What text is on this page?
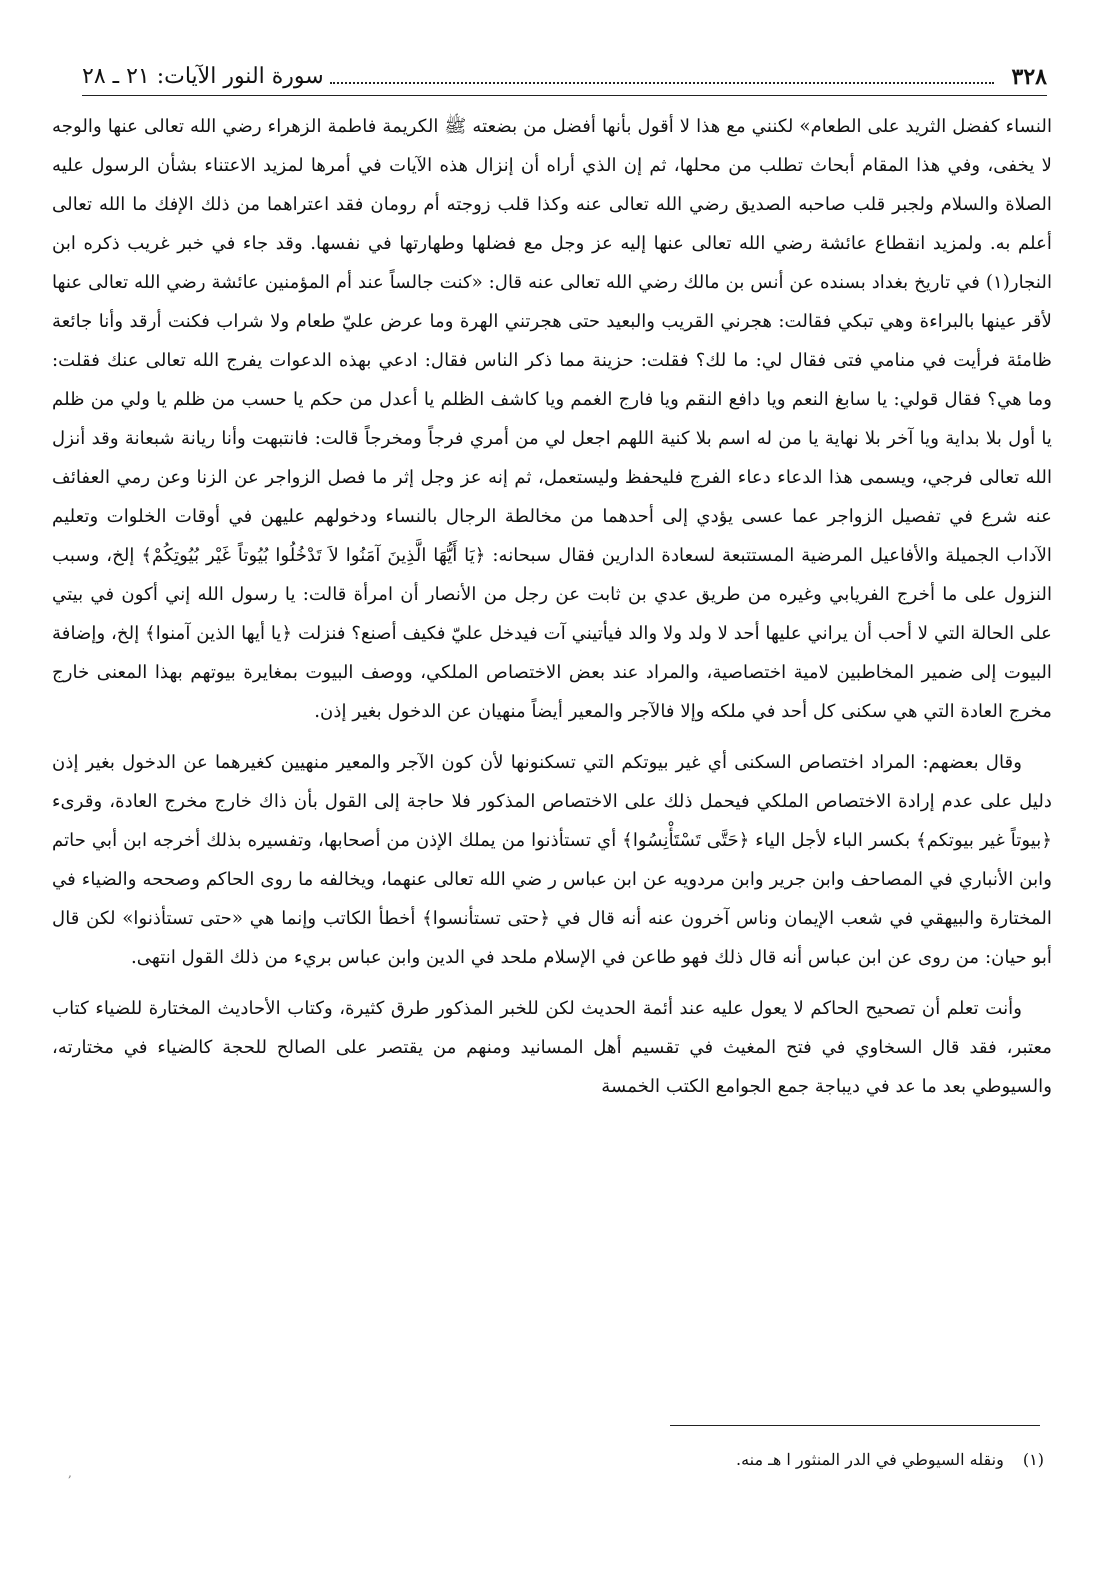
٣٢٨
سورة النور الآيات: ٢١ ـ ٢٨

النساء كفضل الثريد على الطعام» لكنني مع هذا لا أقول بأنها أفضل من بضعته ﷺ الكريمة فاطمة الزهراء رضي الله تعالى عنها والوجه لا يخفى، وفي هذا المقام أبحاث تطلب من محلها، ثم إن الذي أراه أن إنزال هذه الآيات في أمرها لمزيد الاعتناء بشأن الرسول عليه الصلاة والسلام ولجبر قلب صاحبه الصديق رضي الله تعالى عنه وكذا قلب زوجته أم رومان فقد اعتراهما من ذلك الإفك ما الله تعالى أعلم به. ولمزيد انقطاع عائشة رضي الله تعالى عنها إليه عز وجل مع فضلها وطهارتها في نفسها. وقد جاء في خبر غريب ذكره ابن النجار(١) في تاريخ بغداد بسنده عن أنس بن مالك رضي الله تعالى عنه قال: «كنت جالساً عند أم المؤمنين عائشة رضي الله تعالى عنها لأقر عينها بالبراءة وهي تبكي فقالت: هجرني القريب والبعيد حتى هجرتني الهرة وما عرض عليّ طعام ولا شراب فكنت أرقد وأنا جائعة ظامئة فرأيت في منامي فتى فقال لي: ما لك؟ فقلت: حزينة مما ذكر الناس فقال: ادعي بهذه الدعوات يفرج الله تعالى عنك فقلت: وما هي؟ فقال قولي: يا سابغ النعم ويا دافع النقم ويا فارج الغمم ويا كاشف الظلم يا أعدل من حكم يا حسب من ظلم يا ولي من ظلم يا أول بلا بداية ويا آخر بلا نهاية يا من له اسم بلا كنية اللهم اجعل لي من أمري فرجاً ومخرجاً قالت: فانتبهت وأنا ريانة شبعانة وقد أنزل الله تعالى فرجي، ويسمى هذا الدعاء دعاء الفرج فليحفظ وليستعمل، ثم إنه عز وجل إثر ما فصل الزواجر عن الزنا وعن رمي العفائف عنه شرع في تفصيل الزواجر عما عسى يؤدي إلى أحدهما من مخالطة الرجال بالنساء ودخولهم عليهن في أوقات الخلوات وتعليم الآداب الجميلة والأفاعيل المرضية المستتبعة لسعادة الدارين فقال سبحانه: ﴿يَا أَيُّهَا الَّذِينَ آمَنُوا لاَ تَدْخُلُوا بُيُوتاً غَيْر بُيُوتِكُمْ﴾ إلخ، وسبب النزول على ما أخرج الفريابي وغيره من طريق عدي بن ثابت عن رجل من الأنصار أن امرأة قالت: يا رسول الله إني أكون في بيتي على الحالة التي لا أحب أن يراني عليها أحد لا ولد ولا والد فيأتيني آت فيدخل عليّ فكيف أصنع؟ فنزلت ﴿يا أيها الذين آمنوا﴾ إلخ، وإضافة البيوت إلى ضمير المخاطبين لامية اختصاصية، والمراد عند بعض الاختصاص الملكي، ووصف البيوت بمغايرة بيوتهم بهذا المعنى خارج مخرج العادة التي هي سكنى كل أحد في ملكه وإلا فالآجر والمعير أيضاً منهيان عن الدخول بغير إذن.

وقال بعضهم: المراد اختصاص السكنى أي غير بيوتكم التي تسكنونها لأن كون الآجر والمعير منهيين كغيرهما عن الدخول بغير إذن دليل على عدم إرادة الاختصاص الملكي فيحمل ذلك على الاختصاص المذكور فلا حاجة إلى القول بأن ذاك خارج مخرج العادة، وقرىء ﴿بيوتاً غير بيوتكم﴾ بكسر الباء لأجل الياء ﴿حَتَّى تَسْتَأْنِسُوا﴾ أي تستأذنوا من يملك الإذن من أصحابها، وتفسيره بذلك أخرجه ابن أبي حاتم وابن الأنباري في المصاحف وابن جرير وابن مردويه عن ابن عباس ر ضي الله تعالى عنهما، ويخالفه ما روى الحاكم وصححه والضياء في المختارة والبيهقي في شعب الإيمان وناس آخرون عنه أنه قال في ﴿حتى تستأنسوا﴾ أخطأ الكاتب وإنما هي «حتى تستأذنوا» لكن قال أبو حيان: من روى عن ابن عباس أنه قال ذلك فهو طاعن في الإسلام ملحد في الدين وابن عباس بريء من ذلك القول انتهى.

وأنت تعلم أن تصحيح الحاكم لا يعول عليه عند أئمة الحديث لكن للخبر المذكور طرق كثيرة، وكتاب الأحاديث المختارة للضياء كتاب معتبر، فقد قال السخاوي في فتح المغيث في تقسيم أهل المسانيد ومنهم من يقتصر على الصالح للحجة كالضياء في مختارته، والسيوطي بعد ما عد في ديباجة جمع الجوامع الكتب الخمسة

(١) ونقله السيوطي في الدر المنثور ا هـ منه.
,
